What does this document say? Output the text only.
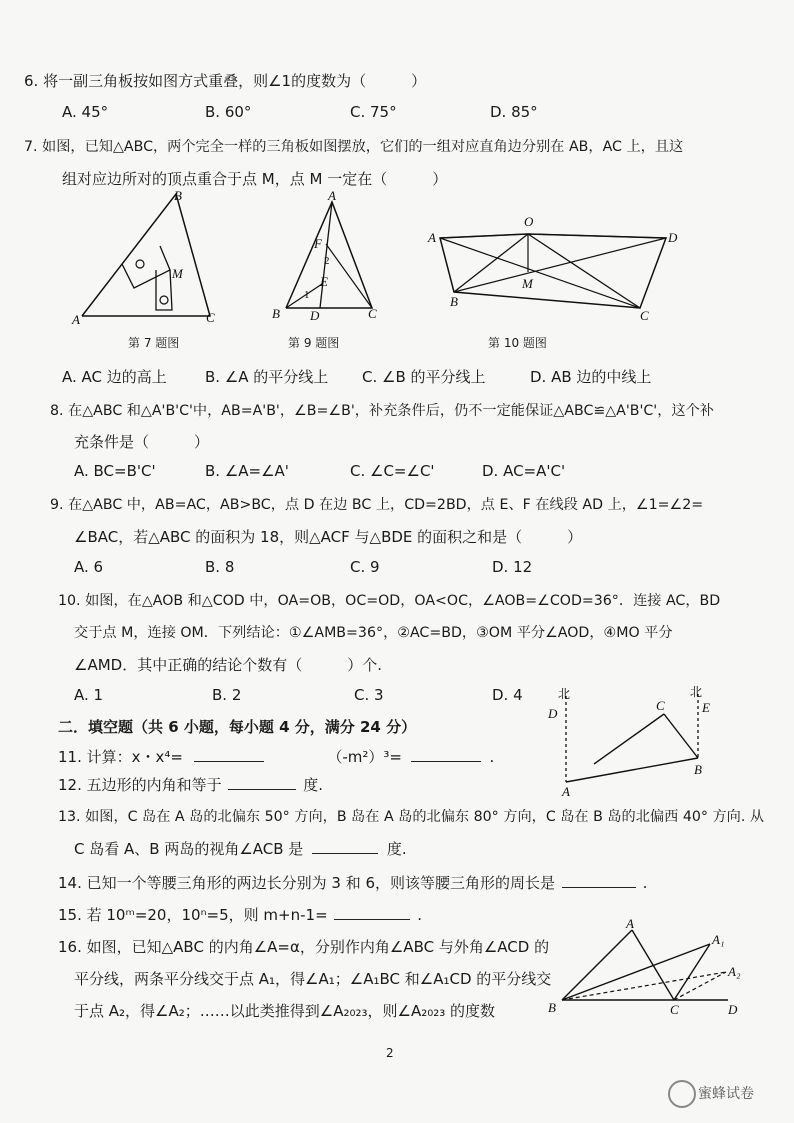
6. 将一副三角板按如图方式重叠，则∠1的度数为（　　　）
A. 45°	B. 60°	C. 75°	D. 85°
7. 如图，已知△ABC，两个完全一样的三角板如图摆放，它们的一组对应直角边分别在 AB，AC 上，且这
组对应边所对的顶点重合于点 M，点 M 一定在（　　　）
A
B
C
M
第 7 题图
A
B	C
D
E
F
1
2
第 9 题图
A
B
C
D
O
M
第 10 题图
A. AC 边的高上	B. ∠A 的平分线上 C. ∠B 的平分线上	D. AB 边的中线上
8. 在△ABC 和△A'B'C'中，AB=A'B'，∠B=∠B'，补充条件后，仍不一定能保证△ABC≌△A'B'C'，这个补
充条件是（　　　）
A. BC=B'C'	B. ∠A=∠A'	C. ∠C=∠C'	D. AC=A'C'
9. 在△ABC 中，AB=AC，AB>BC，点 D 在边 BC 上，CD=2BD，点 E、F 在线段 AD 上，∠1=∠2=
∠BAC，若△ABC 的面积为 18，则△ACF 与△BDE 的面积之和是（　　　）
A. 6	B. 8	C. 9	D. 12
10. 如图，在△AOB 和△COD 中，OA=OB，OC=OD，OA<OC，∠AOB=∠COD=36°．连接 AC，BD
交于点 M，连接 OM．下列结论：①∠AMB=36°，②AC=BD，③OM 平分∠AOD，④MO 平分
∠AMD．其中正确的结论个数有（　　　）个.
A. 1	B. 2	C. 3	D. 4	北	北
A
B
C
D	E
二．填空题（共 6 小题，每小题 4 分，满分 24 分）
11. 计算：x・x⁴=	（-m²）³=	.
12. 五边形的内角和等于	度.
13. 如图，C 岛在 A 岛的北偏东 50° 方向，B 岛在 A 岛的北偏东 80° 方向，C 岛在 B 岛的北偏西 40° 方向. 从
C 岛看 A、B 两岛的视角∠ACB 是	度.
14. 已知一个等腰三角形的两边长分别为 3 和 6，则该等腰三角形的周长是	.
15. 若 10ᵐ=20，10ⁿ=5，则 m+n-1=	.
16. 如图，已知△ABC 的内角∠A=α，分别作内角∠ABC 与外角∠ACD 的
平分线，两条平分线交于点 A₁，得∠A₁；∠A₁BC 和∠A₁CD 的平分线交
于点 A₂，得∠A₂；……以此类推得到∠A₂₀₂₃，则∠A₂₀₂₃ 的度数
A
A₁
A₂
B	C	D
2
蜜蜂试卷
